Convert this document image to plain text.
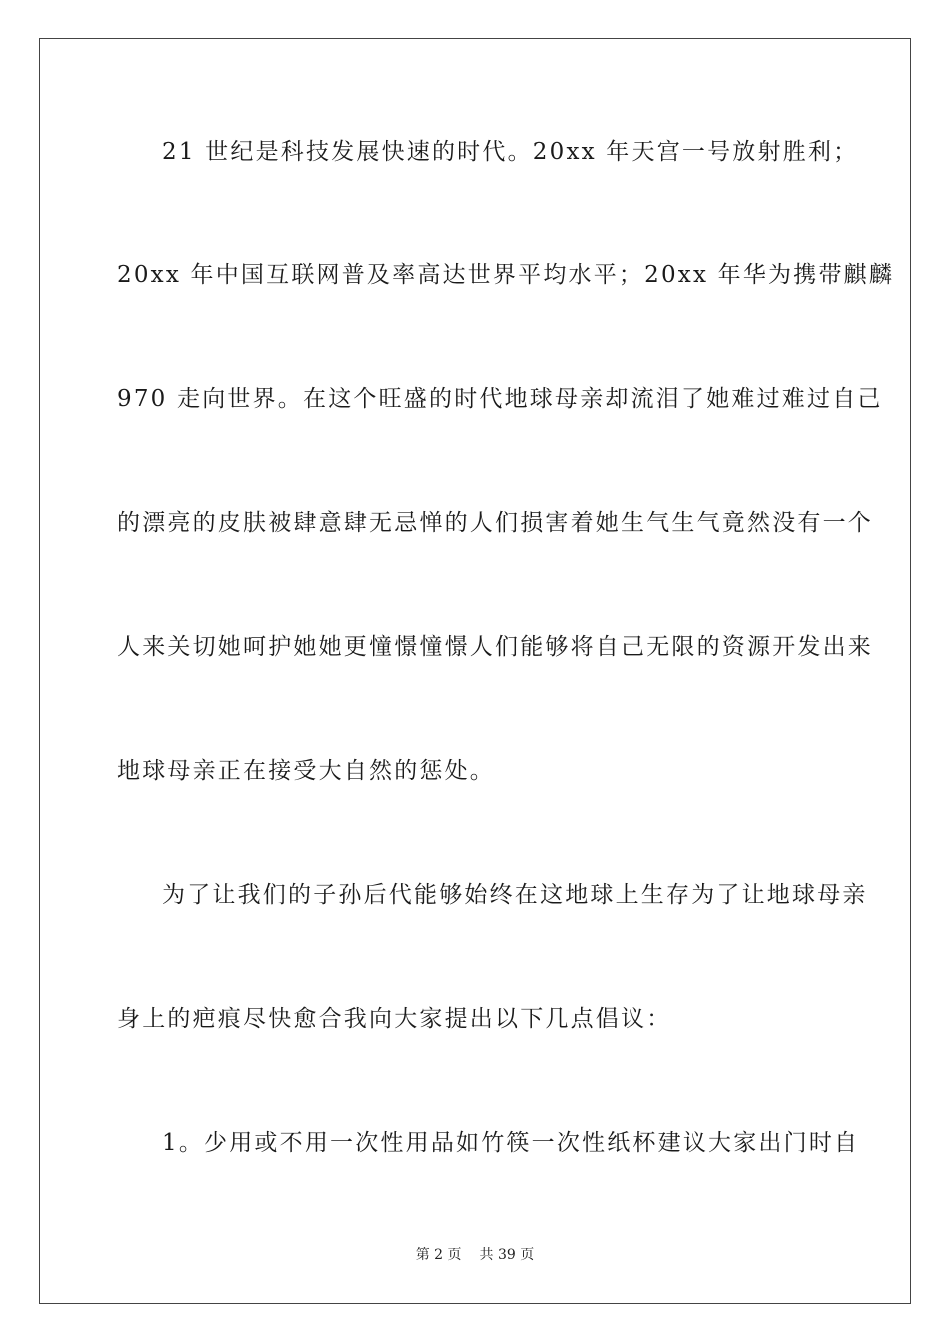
21 世纪是科技发展快速的时代。20xx 年天宫一号放射胜利；
20xx 年中国互联网普及率高达世界平均水平；20xx 年华为携带麒麟
970 走向世界。在这个旺盛的时代地球母亲却流泪了她难过难过自己
的漂亮的皮肤被肆意肆无忌惮的人们损害着她生气生气竟然没有一个
人来关切她呵护她她更憧憬憧憬人们能够将自己无限的资源开发出来
地球母亲正在接受大自然的惩处。
为了让我们的子孙后代能够始终在这地球上生存为了让地球母亲
身上的疤痕尽快愈合我向大家提出以下几点倡议：
1。少用或不用一次性用品如竹筷一次性纸杯建议大家出门时自
第 2 页 共 39 页
